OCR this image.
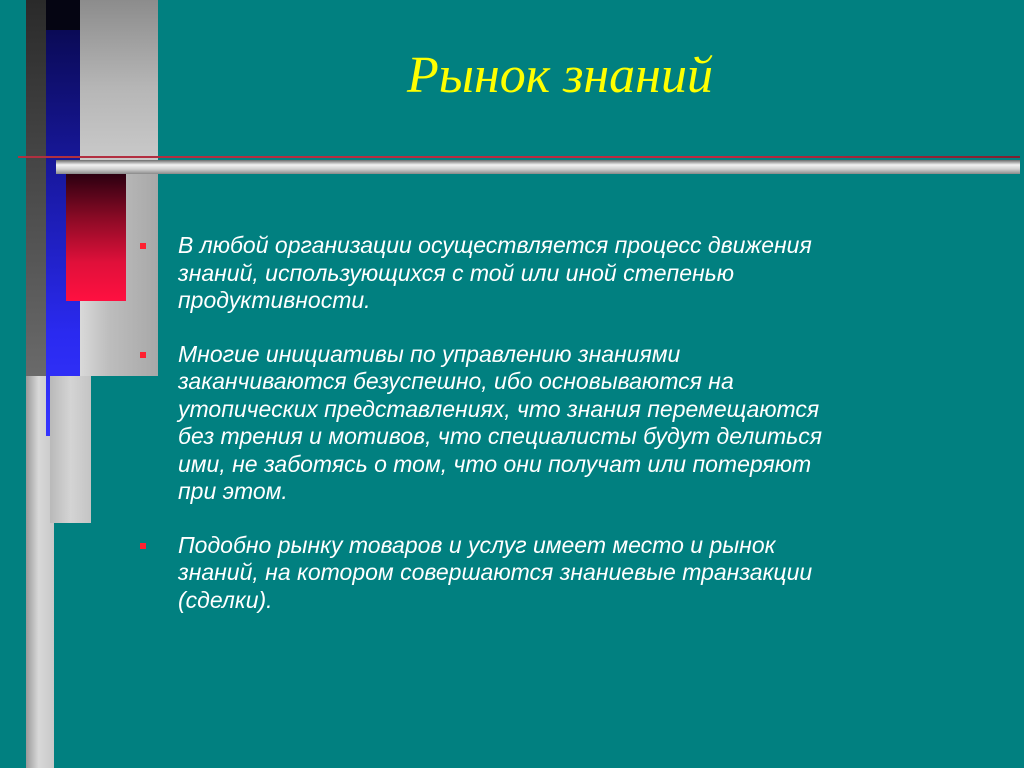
Рынок знаний
В любой организации осуществляется процесс движения
знаний, использующихся с той или иной степенью
продуктивности.
Многие инициативы по управлению знаниями
заканчиваются безуспешно, ибо основываются на
утопических представлениях, что знания перемещаются
без трения и мотивов, что специалисты будут делиться
ими, не заботясь о том, что они получат или потеряют
при этом.
Подобно рынку товаров и услуг имеет место и рынок
знаний, на котором совершаются знаниевые транзакции
(сделки).
